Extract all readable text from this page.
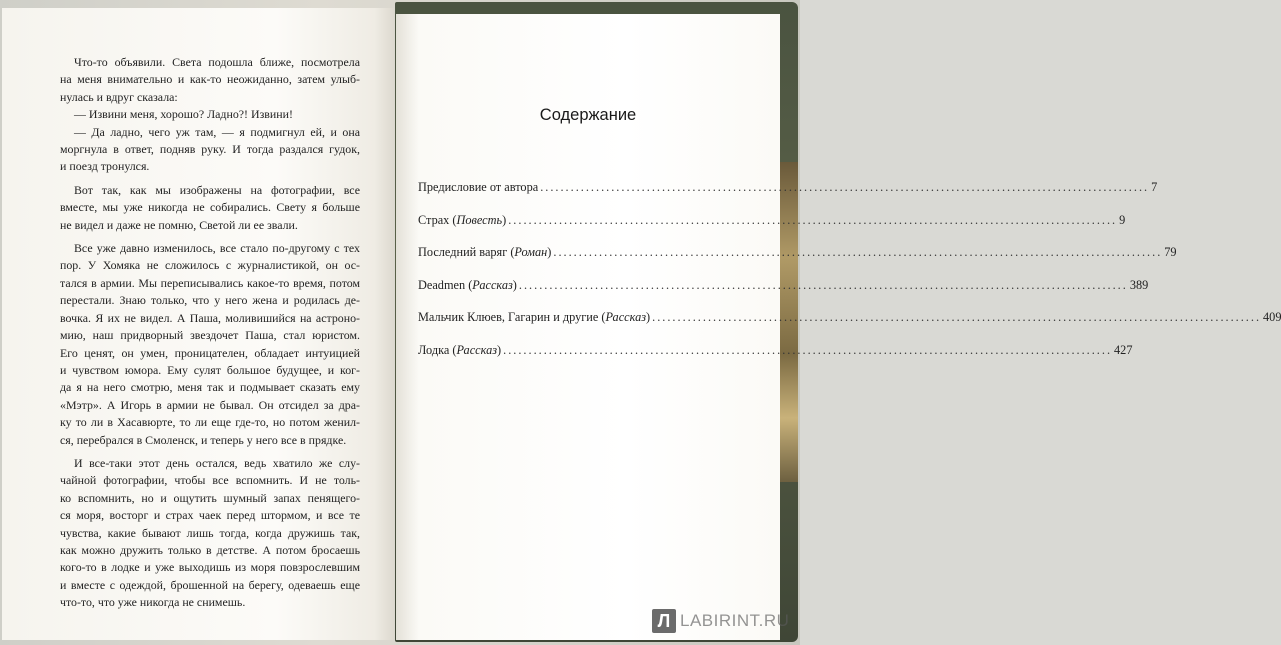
Что-то объявили. Света подошла ближе, посмотрела
на меня внимательно и как-то неожиданно, затем улыб-
нулась и вдруг сказала:

— Извини меня, хорошо? Ладно?! Извини!

— Да ладно, чего уж там, — я подмигнул ей, и она
моргнула в ответ, подняв руку. И тогда раздался гудок,
и поезд тронулся.

Вот так, как мы изображены на фотографии, все
вместе, мы уже никогда не собирались. Свету я больше
не видел и даже не помню, Светой ли ее звали.

Все уже давно изменилось, все стало по-другому с тех
пор. У Хомяка не сложилось с журналистикой, он ос-
тался в армии. Мы переписывались какое-то время, потом
перестали. Знаю только, что у него жена и родилась де-
вочка. Я их не видел. А Паша, моливишийся на астроно-
мию, наш придворный звездочет Паша, стал юристом.
Его ценят, он умен, проницателен, обладает интуицией
и чувством юмора. Ему сулят большое будущее, и ког-
да я на него смотрю, меня так и подмывает сказать ему
«Мэтр». А Игорь в армии не бывал. Он отсидел за дра-
ку то ли в Хасавюрте, то ли еще где-то, но потом женил-
ся, перебрался в Смоленск, и теперь у него все в прядке.

И все-таки этот день остался, ведь хватило же слу-
чайной фотографии, чтобы все вспомнить. И не толь-
ко вспомнить, но и ощутить шумный запах пенящего-
ся моря, восторг и страх чаек перед штормом, и все те
чувства, какие бывают лишь тогда, когда дружишь так,
как можно дружить только в детстве. А потом бросаешь
кого-то в лодке и уже выходишь из моря повзрослевшим
и вместе с одеждой, брошенной на берегу, одеваешь еще
что-то, что уже никогда не снимешь.

Содержание
Предисловие от автора ........................................................................................................................ 7
Страх (Повесть) ........................................................................................................................ 9
Последний варяг (Роман) ........................................................................................................................ 79
Deadmen (Рассказ) ........................................................................................................................ 389
Мальчик Клюев, Гагарин и другие (Рассказ) ........................................................................................................................ 409
Лодка (Рассказ) ........................................................................................................................ 427
Л LABIRINT.RU
